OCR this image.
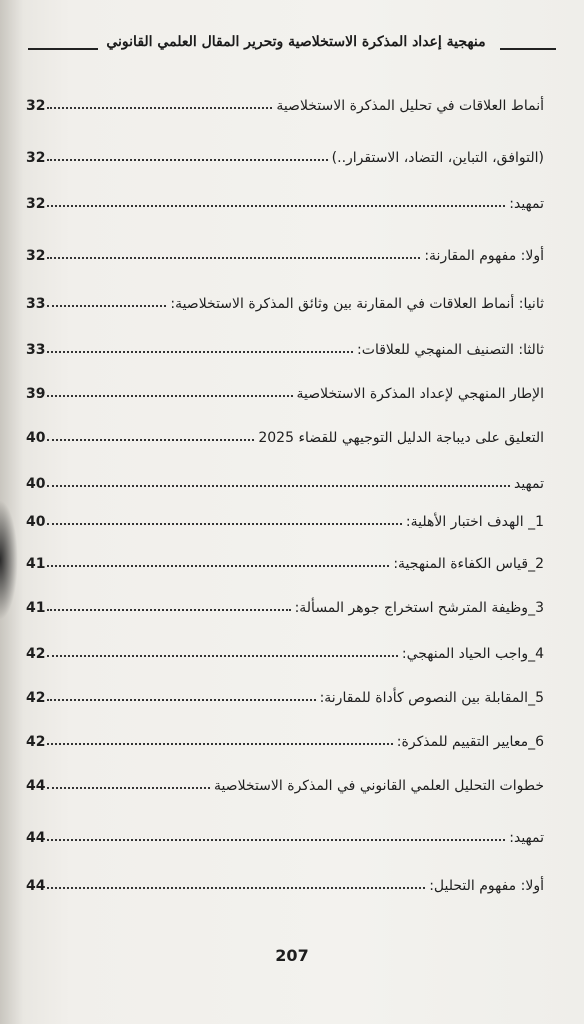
منهجية إعداد المذكرة الاستخلاصية وتحرير المقال العلمي القانوني
أنماط العلاقات في تحليل المذكرة الاستخلاصية
32
(التوافق، التباين، التضاد، الاستقرار..)
32
تمهيد:
32
أولا: مفهوم المقارنة:
32
ثانيا: أنماط العلاقات في المقارنة بين وثائق المذكرة الاستخلاصية:
33
ثالثا: التصنيف المنهجي للعلاقات:
33
الإطار المنهجي لإعداد المذكرة الاستخلاصية
39
التعليق على ديباجة الدليل التوجيهي للقضاء 2025
40
تمهيد
40
1_ الهدف اختبار الأهلية:
40
2_قياس الكفاءة المنهجية:
41
3_وظيفة المترشح استخراج جوهر المسألة:
41
4_واجب الحياد المنهجي:
42
5_المقابلة بين النصوص كأداة للمقارنة:
42
6_معايير التقييم للمذكرة:
42
خطوات التحليل العلمي القانوني في المذكرة الاستخلاصية
44
تمهيد:
44
أولا: مفهوم التحليل:
44
207
